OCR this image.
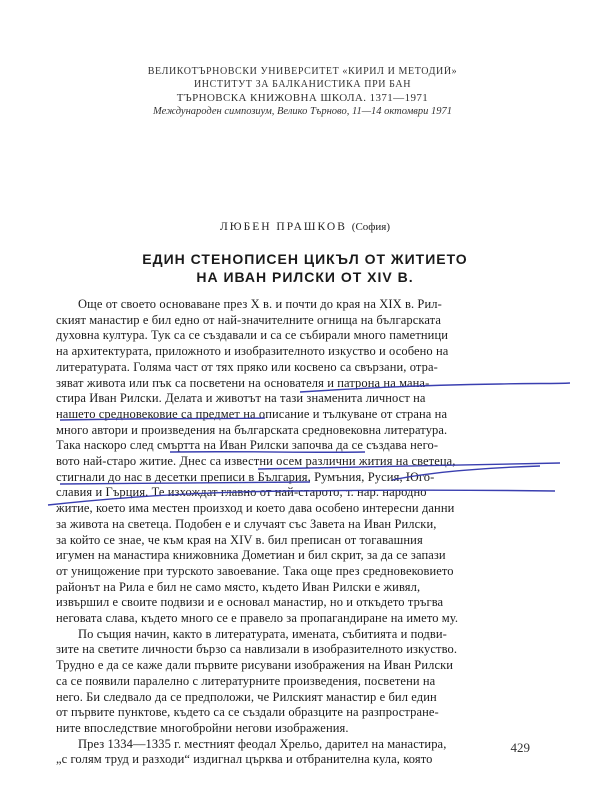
ВЕЛИКОТЪРНОВСКИ УНИВЕРСИТЕТ «КИРИЛ И МЕТОДИЙ»
ИНСТИТУТ ЗА БАЛКАНИСТИКА ПРИ БАН
ТЪРНОВСКА КНИЖОВНА ШКОЛА. 1371—1971
Международен симпозиум, Велико Търново, 11—14 октомври 1971
ЛЮБЕН ПРАШКОВ (София)
ЕДИН СТЕНОПИСЕН ЦИКЪЛ ОТ ЖИТИЕТО
НА ИВАН РИЛСКИ ОТ XIV В.
Още от своето основаване през X в. и почти до края на XIX в. Рил-
ският манастир е бил едно от най-значителните огнища на българската
духовна култура. Тук са се създавали и са се събирали много паметници
на архитектурата, приложното и изобразителното изкуство и особено на
литературата. Голяма част от тях пряко или косвено са свързани, отра-
зяват живота или пък са посветени на основателя и патрона на мана-
стира Иван Рилски. Делата и животът на тази знаменита личност на
нашето средновековие са предмет на описание и тълкуване от страна на
много автори и произведения на българската средновековна литература.
Така наскоро след смъртта на Иван Рилски започва да се създава него-
вото най-старо житие. Днес са известни осем различни жития на светеца,
стигнали до нас в десетки преписи в България, Румъния, Русия, Юго-
славия и Гърция. Те изхождат главно от най-старото, т. нар. народно
житие, което има местен произход и което дава особено интересни данни
за живота на светеца. Подобен е и случаят със Завета на Иван Рилски,
за който се знае, че към края на XIV в. бил преписан от тогавашния
игумен на манастира книжовника Дометиан и бил скрит, за да се запази
от унищожение при турското завоевание. Така още през средновековието
районът на Рила е бил не само място, където Иван Рилски е живял,
извършил е своите подвизи и е основал манастир, но и откъдето тръгва
неговата слава, където много се е правело за пропагандиране на името му.
По същия начин, както в литературата, имената, събитията и подви-
зите на светите личности бързо са навлизали в изобразителното изкуство.
Трудно е да се каже дали първите рисувани изображения на Иван Рилски
са се появили паралелно с литературните произведения, посветени на
него. Би следвало да се предположи, че Рилският манастир е бил един
от първите пунктове, където са се създали образците на разпростране-
ните впоследствие многобройни негови изображения.
През 1334—1335 г. местният феодал Хрельо, дарител на манастира,
„с голям труд и разходи“ издигнал църква и отбранителна кула, която
429
